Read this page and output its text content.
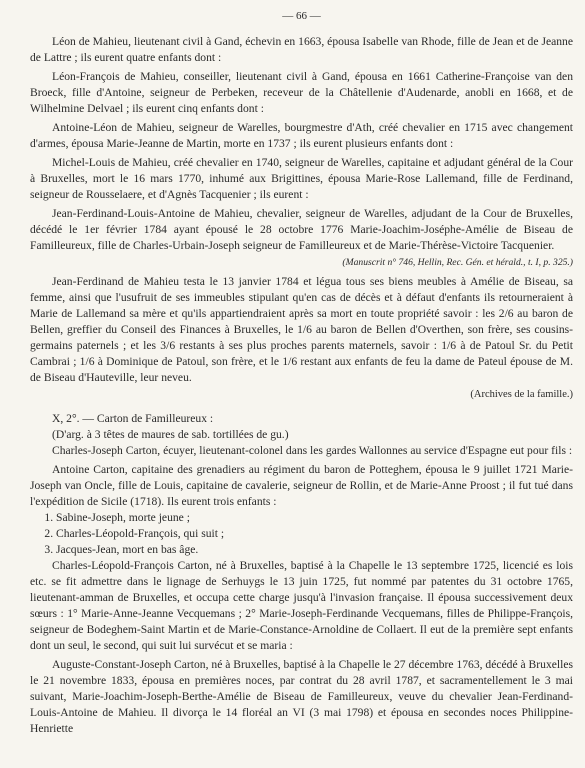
— 66 —

Léon de Mahieu, lieutenant civil à Gand, échevin en 1663, épousa Isabelle van Rhode, fille de Jean et de Jeanne de Lattre ; ils eurent quatre enfants dont :

Léon-François de Mahieu, conseiller, lieutenant civil à Gand, épousa en 1661 Catherine-Françoise van den Broeck, fille d'Antoine, seigneur de Perbeken, receveur de la Châtellenie d'Audenarde, anobli en 1668, et de Wilhelmine Delvael ; ils eurent cinq enfants dont :

Antoine-Léon de Mahieu, seigneur de Warelles, bourgmestre d'Ath, créé chevalier en 1715 avec changement d'armes, épousa Marie-Jeanne de Martin, morte en 1737 ; ils eurent plusieurs enfants dont :

Michel-Louis de Mahieu, créé chevalier en 1740, seigneur de Warelles, capitaine et adjudant général de la Cour à Bruxelles, mort le 16 mars 1770, inhumé aux Brigittines, épousa Marie-Rose Lallemand, fille de Ferdinand, seigneur de Rousselaere, et d'Agnès Tacquenier ; ils eurent :

Jean-Ferdinand-Louis-Antoine de Mahieu, chevalier, seigneur de Warelles, adjudant de la Cour de Bruxelles, décédé le 1er février 1784 ayant épousé le 28 octobre 1776 Marie-Joachim-Joséphe-Amélie de Biseau de Familleureux, fille de Charles-Urbain-Joseph seigneur de Familleureux et de Marie-Thérèse-Victoire Tacquenier.

(Manuscrit n° 746, Hellin, Rec. Gén. et hérald., t. I, p. 325.)

Jean-Ferdinand de Mahieu testa le 13 janvier 1784 et légua tous ses biens meubles à Amélie de Biseau, sa femme, ainsi que l'usufruit de ses immeubles stipulant qu'en cas de décès et à défaut d'enfants ils retourneraient à Marie de Lallemand sa mère et qu'ils appartiendraient après sa mort en toute propriété savoir : les 2/6 au baron de Bellen, greffier du Conseil des Finances à Bruxelles, le 1/6 au baron de Bellen d'Overthen, son frère, ses cousins-germains paternels ; et les 3/6 restants à ses plus proches parents maternels, savoir : 1/6 à de Patoul Sr. du Petit Cambrai ; 1/6 à Dominique de Patoul, son frère, et le 1/6 restant aux enfants de feu la dame de Pateul épouse de M. de Biseau d'Hauteville, leur neveu.

(Archives de la famille.)

X, 2°. — Carton de Familleureux :

(D'arg. à 3 têtes de maures de sab. tortillées de gu.)

Charles-Joseph Carton, écuyer, lieutenant-colonel dans les gardes Wallonnes au service d'Espagne eut pour fils :

Antoine Carton, capitaine des grenadiers au régiment du baron de Potteghem, épousa le 9 juillet 1721 Marie-Joseph van Oncle, fille de Louis, capitaine de cavalerie, seigneur de Rollin, et de Marie-Anne Proost ; il fut tué dans l'expédition de Sicile (1718). Ils eurent trois enfants :

1. Sabine-Joseph, morte jeune ;
2. Charles-Léopold-François, qui suit ;
3. Jacques-Jean, mort en bas âge.

Charles-Léopold-François Carton, né à Bruxelles, baptisé à la Chapelle le 13 septembre 1725, licencié es lois etc. se fit admettre dans le lignage de Serhuygs le 13 juin 1725, fut nommé par patentes du 31 octobre 1765, lieutenant-amman de Bruxelles, et occupa cette charge jusqu'à l'invasion française. Il épousa successivement deux sœurs : 1° Marie-Anne-Jeanne Vecquemans ; 2° Marie-Joseph-Ferdinande Vecquemans, filles de Philippe-François, seigneur de Bodeghem-Saint Martin et de Marie-Constance-Arnoldine de Collaert. Il eut de la première sept enfants dont un seul, le second, qui suit lui survécut et se maria :

Auguste-Constant-Joseph Carton, né à Bruxelles, baptisé à la Chapelle le 27 décembre 1763, décédé à Bruxelles le 21 novembre 1833, épousa en premières noces, par contrat du 28 avril 1787, et sacramentellement le 3 mai suivant, Marie-Joachim-Joseph-Berthe-Amélie de Biseau de Familleureux, veuve du chevalier Jean-Ferdinand-Louis-Antoine de Mahieu. Il divorça le 14 floréal an VI (3 mai 1798) et épousa en secondes noces Philippine-Henriette
